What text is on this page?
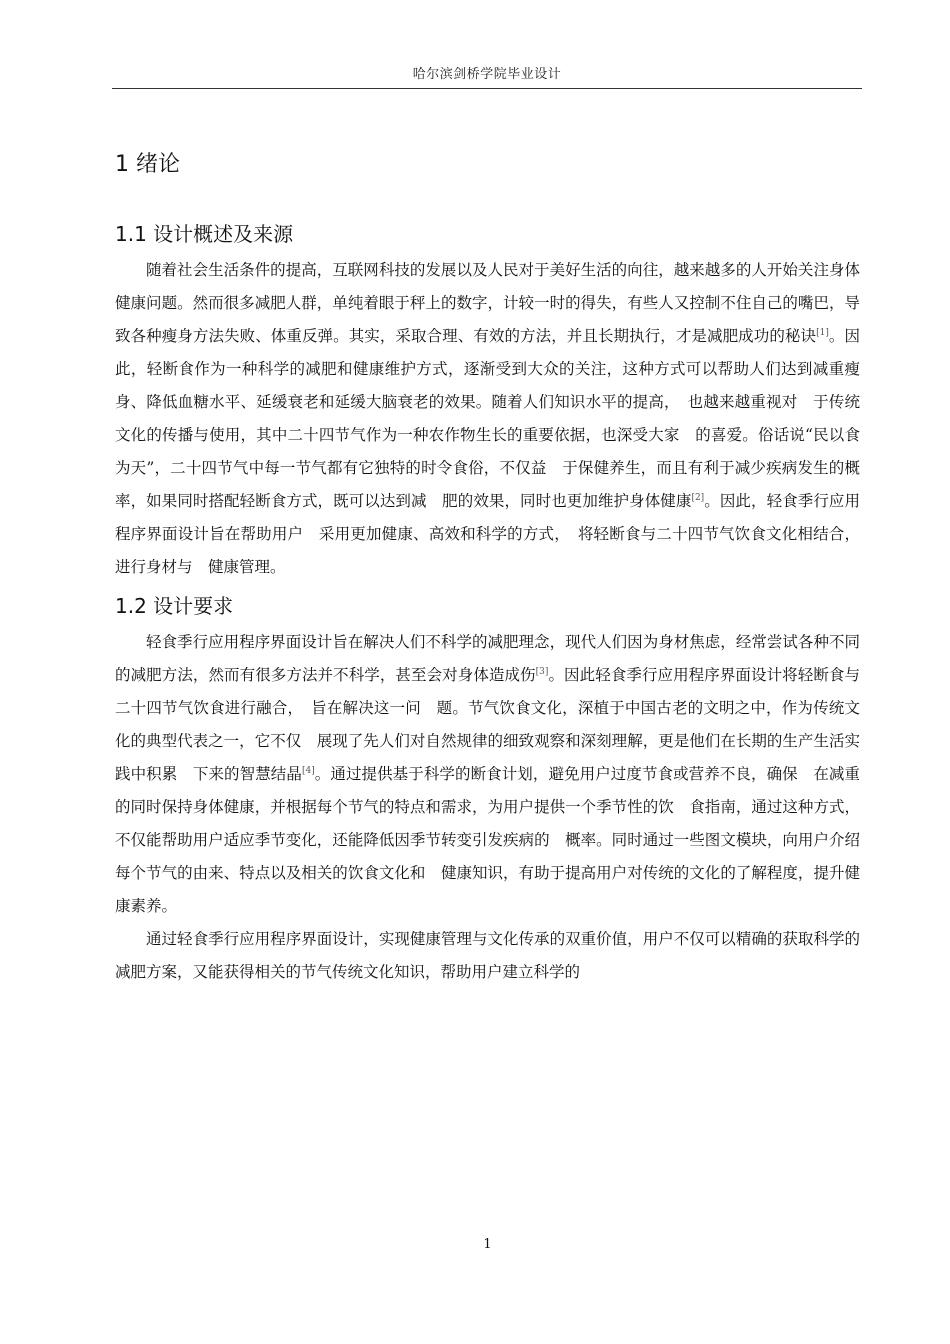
哈尔滨剑桥学院毕业设计
1 绪论
1.1 设计概述及来源

随着社会生活条件的提高，互联网科技的发展以及人民对于美好生活的向往，越来越多的人开始关注身体健康问题。然而很多减肥人群，单纯着眼于秤上的数字，计较一时的得失，有些人又控制不住自己的嘴巴，导致各种瘦身方法失败、体重反弹。其实，采取合理、有效的方法，并且长期执行，才是减肥成功的秘诀[1]。因此，轻断食作为一种科学的减肥和健康维护方式，逐渐受到大众的关注，这种方式可以帮助人们达到减重瘦身、降低血糖水平、延缓衰老和延缓大脑衰老的效果。随着人们知识水平的提高，　也越来越重视对　于传统文化的传播与使用，其中二十四节气作为一种农作物生长的重要依据，也深受大家　的喜爱。俗话说“民以食为天”，二十四节气中每一节气都有它独特的时令食俗，不仅益　于保健养生，而且有利于减少疾病发生的概率，如果同时搭配轻断食方式，既可以达到减　肥的效果，同时也更加维护身体健康[2]。因此，轻食季行应用程序界面设计旨在帮助用户　采用更加健康、高效和科学的方式，　将轻断食与二十四节气饮食文化相结合，进行身材与　健康管理。

1.2 设计要求

轻食季行应用程序界面设计旨在解决人们不科学的减肥理念，现代人们因为身材焦虑，经常尝试各种不同的减肥方法，然而有很多方法并不科学，甚至会对身体造成伤[3]。因此轻食季行应用程序界面设计将轻断食与二十四节气饮食进行融合，　旨在解决这一问　题。节气饮食文化，深植于中国古老的文明之中，作为传统文化的典型代表之一，它不仅　展现了先人们对自然规律的细致观察和深刻理解，更是他们在长期的生产生活实践中积累　下来的智慧结晶[4]。通过提供基于科学的断食计划，避免用户过度节食或营养不良，确保　在减重的同时保持身体健康，并根据每个节气的特点和需求，为用户提供一个季节性的饮　食指南，通过这种方式，不仅能帮助用户适应季节变化，还能降低因季节转变引发疾病的　概率。同时通过一些图文模块，向用户介绍每个节气的由来、特点以及相关的饮食文化和　健康知识，有助于提高用户对传统的文化的了解程度，提升健康素养。

通过轻食季行应用程序界面设计，实现健康管理与文化传承的双重价值，用户不仅可以精确的获取科学的减肥方案，又能获得相关的节气传统文化知识，帮助用户建立科学的

1
